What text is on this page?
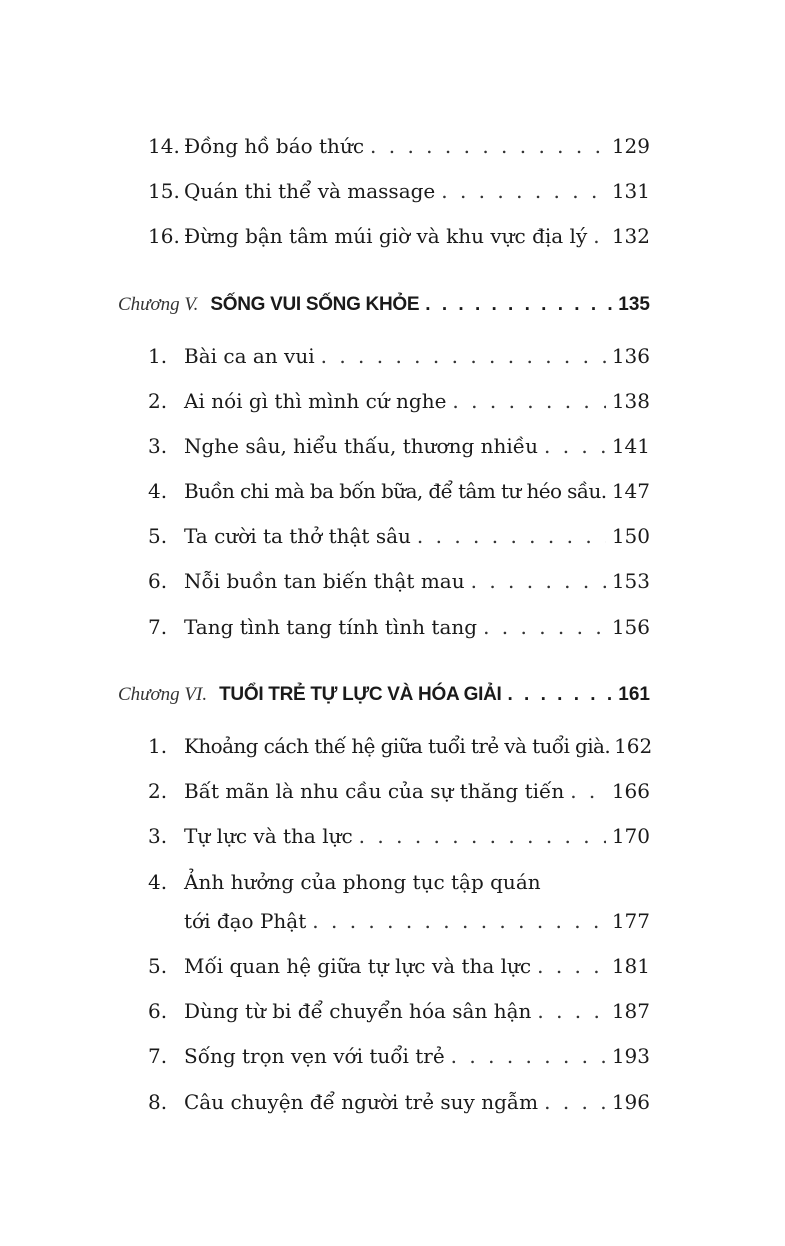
14. Đồng hồ báo thức . . .	129
15. Quán thi thể và massage . . .	131
16. Đừng bận tâm múi giờ và khu vực địa lý . . . 132
Chương V. SỐNG VUI SỐNG KHỎE . . .	135
1. Bài ca an vui . . .	136
2. Ai nói gì thì mình cứ nghe . . .	138
3. Nghe sâu, hiểu thấu, thương nhiều . . .	141
4. Buồn chi mà ba bốn bữa, để tâm tư héo sầu. . . . 147
5. Ta cười ta thở thật sâu . . .	150
6. Nỗi buồn tan biến thật mau . . .	153
7. Tang tình tang tính tình tang . . .	156
Chương VI. TUỔI TRẺ TỰ LỰC VÀ HÓA GIẢI . . .	161
1. Khoảng cách thế hệ giữa tuổi trẻ và tuổi già. 162
2. Bất mãn là nhu cầu của sự thăng tiến . . . 166
3. Tự lực và tha lực . . .	170
4. Ảnh hưởng của phong tục tập quán
tới đạo Phật . . .	177
5. Mối quan hệ giữa tự lực và tha lực . . .	181
6. Dùng từ bi để chuyển hóa sân hận . . .	187
7. Sống trọn vẹn với tuổi trẻ . . .	193
8. Câu chuyện để người trẻ suy ngẫm . . .	196
